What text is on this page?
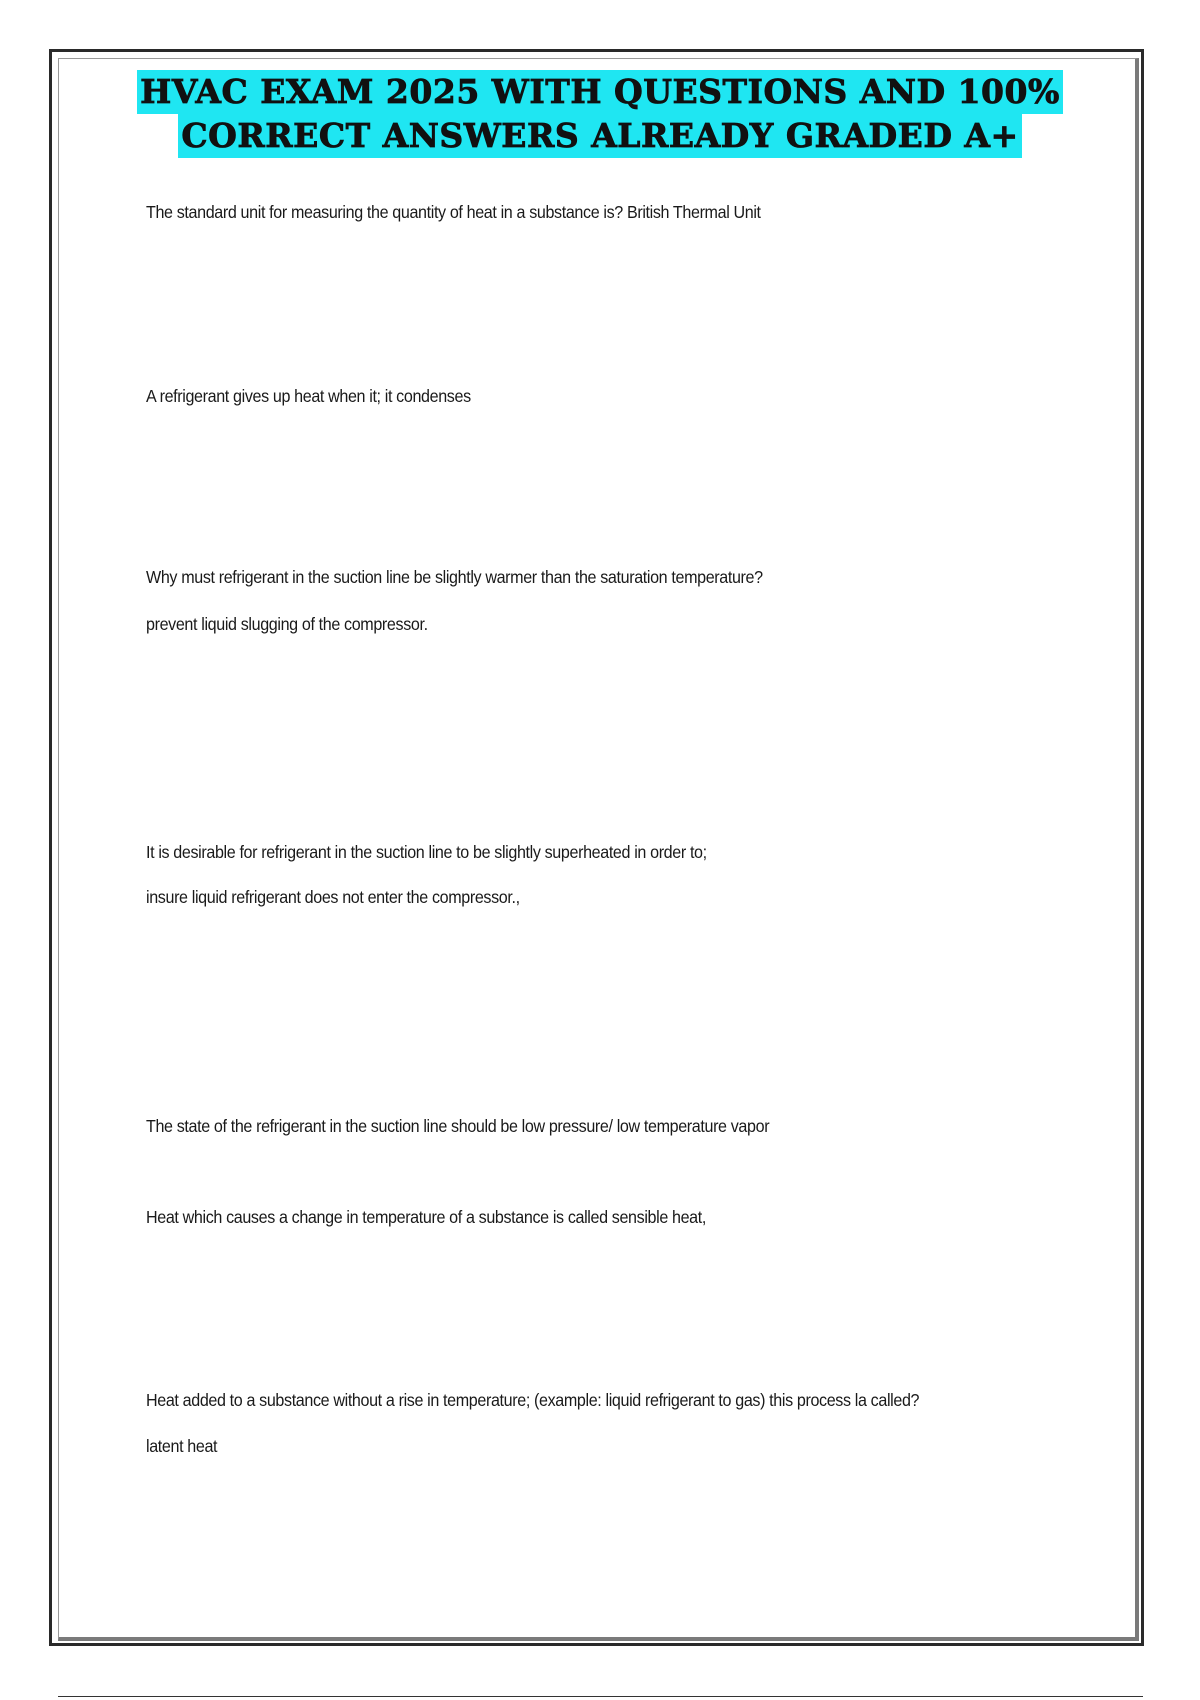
HVAC EXAM 2025 WITH QUESTIONS AND 100%
CORRECT ANSWERS ALREADY GRADED A+
The standard unit for measuring the quantity of heat in a substance is? British Thermal Unit
A refrigerant gives up heat when it; it condenses
Why must refrigerant in the suction line be slightly warmer than the saturation temperature?
prevent liquid slugging of the compressor.
It is desirable for refrigerant in the suction line to be slightly superheated in order to;
insure liquid refrigerant does not enter the compressor.,
The state of the refrigerant in the suction line should be low pressure/ low temperature vapor
Heat which causes a change in temperature of a substance is called sensible heat,
Heat added to a substance without a rise in temperature; (example: liquid refrigerant to gas) this process la called?
latent heat
